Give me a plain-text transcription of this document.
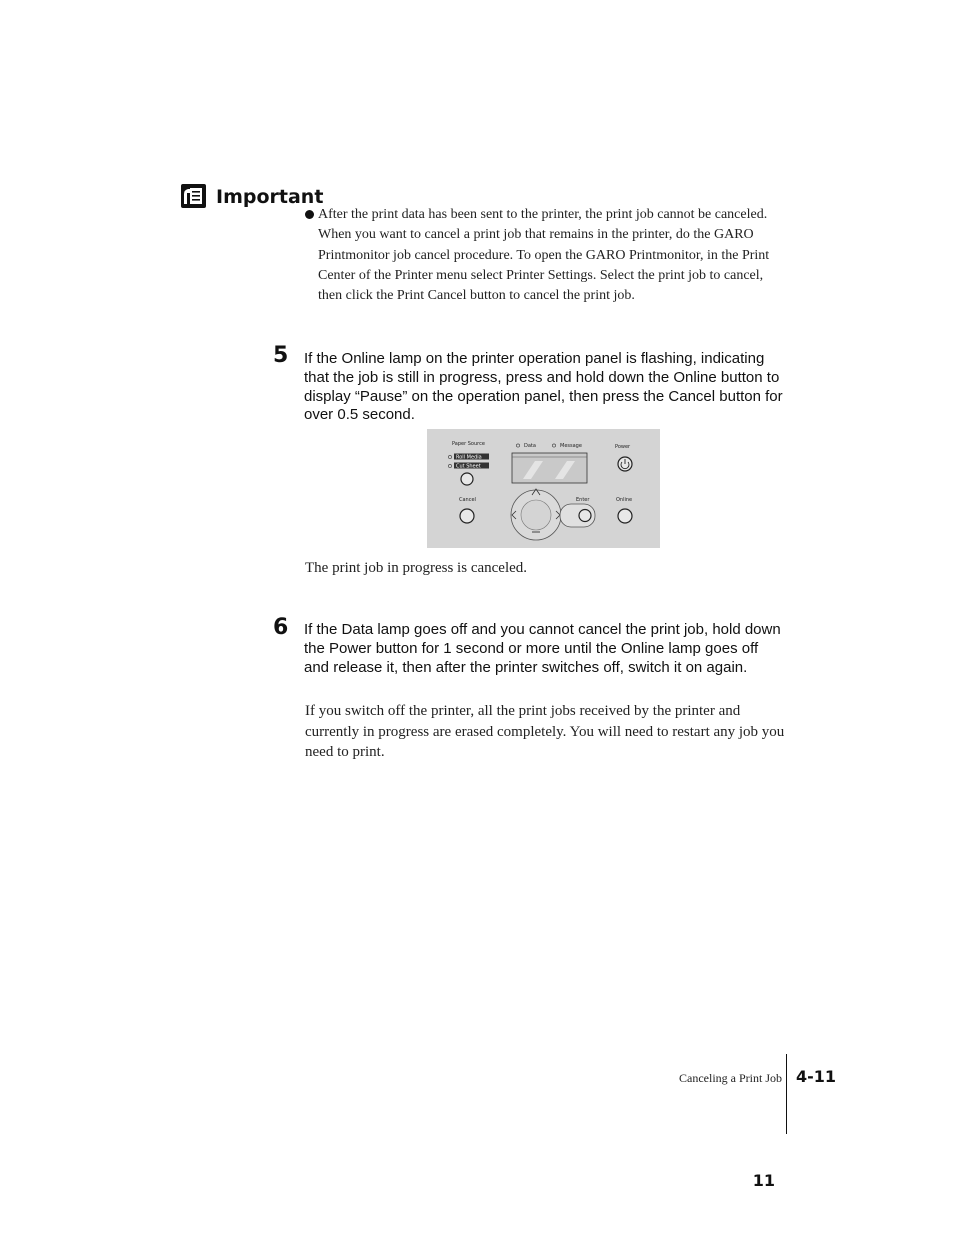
Important
After the print data has been sent to the printer, the print job cannot be canceled. When you want to cancel a print job that remains in the printer, do the GARO Printmonitor job cancel procedure. To open the GARO Printmonitor, in the Print Center of the Printer menu select Printer Settings. Select the print job to cancel, then click the Print Cancel button to cancel the print job.
5 If the Online lamp on the printer operation panel is flashing, indicating that the job is still in progress, press and hold down the Online button to display “Pause” on the operation panel, then press the Cancel button for over 0.5 second.
Paper Source
Roll Media
Cut Sheet
Data	Message	Power
Cancel	Enter	Online
The print job in progress is canceled.
6 If the Data lamp goes off and you cannot cancel the print job, hold down the Power button for 1 second or more until the Online lamp goes off and release it, then after the printer switches off, switch it on again.
If you switch off the printer, all the print jobs received by the printer and currently in progress are erased completely. You will need to restart any job you need to print.
Canceling a Print Job 4-11
11
